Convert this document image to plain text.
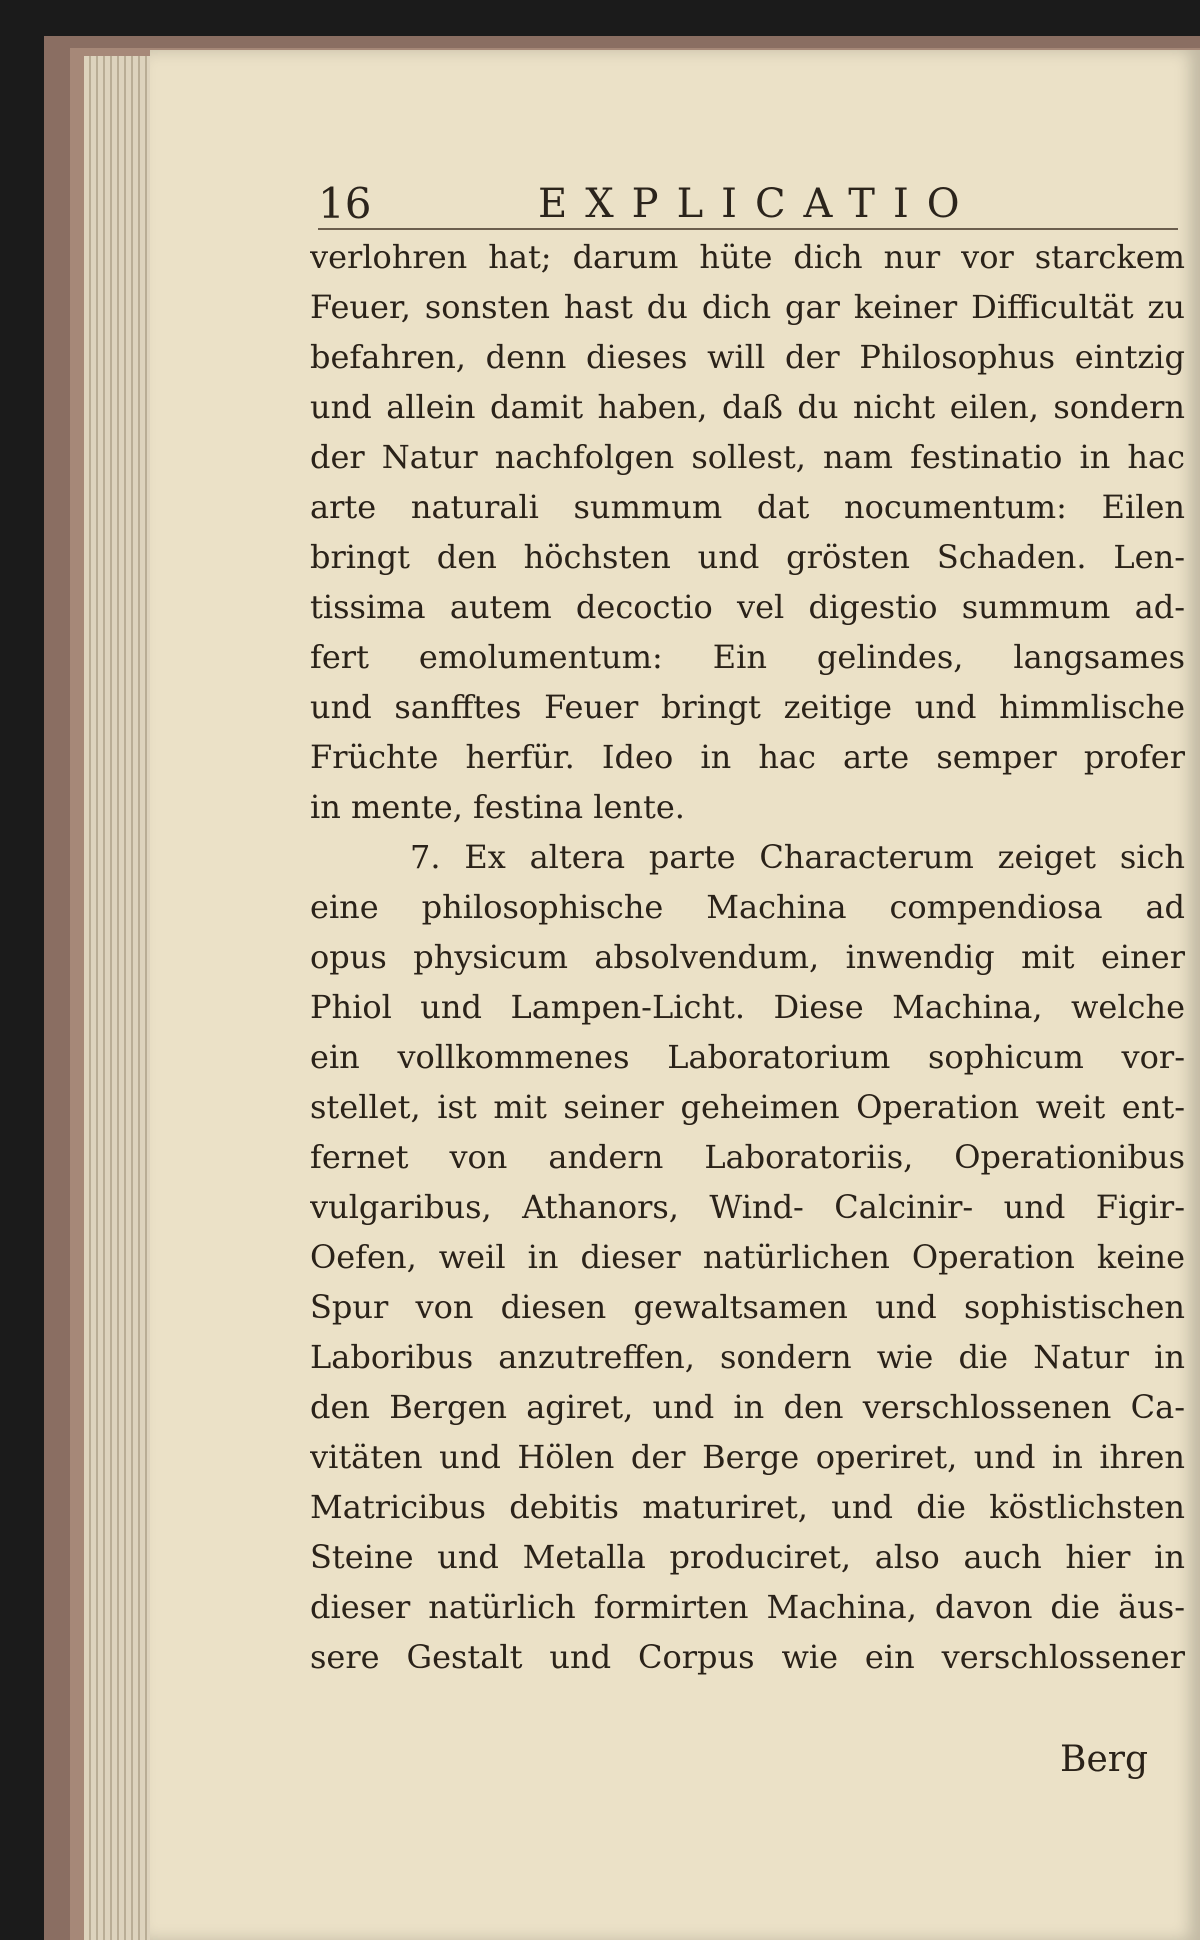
16	EXPLICATIO
verlohren hat; darum hüte dich nur vor starckem
Feuer, sonsten hast du dich gar keiner Difficultät zu
befahren, denn dieses will der Philosophus eintzig
und allein damit haben, daß du nicht eilen, sondern
der Natur nachfolgen sollest, nam festinatio in hac
arte naturali summum dat nocumentum: Eilen
bringt den höchsten und grösten Schaden. Len-
tissima autem decoctio vel digestio summum ad-
fert emolumentum: Ein gelindes, langsames
und sanfftes Feuer bringt zeitige und himmlische
Früchte herfür. Ideo in hac arte semper profer
in mente, festina lente.
7. Ex altera parte Characterum zeiget sich
eine philosophische Machina compendiosa ad
opus physicum absolvendum, inwendig mit einer
Phiol und Lampen-Licht. Diese Machina, welche
ein vollkommenes Laboratorium sophicum vor-
stellet, ist mit seiner geheimen Operation weit ent-
fernet von andern Laboratoriis, Operationibus
vulgaribus, Athanors, Wind- Calcinir- und Figir-
Oefen, weil in dieser natürlichen Operation keine
Spur von diesen gewaltsamen und sophistischen
Laboribus anzutreffen, sondern wie die Natur in
den Bergen agiret, und in den verschlossenen Ca-
vitäten und Hölen der Berge operiret, und in ihren
Matricibus debitis maturiret, und die köstlichsten
Steine und Metalla produciret, also auch hier in
dieser natürlich formirten Machina, davon die äus-
sere Gestalt und Corpus wie ein verschlossener
Berg
